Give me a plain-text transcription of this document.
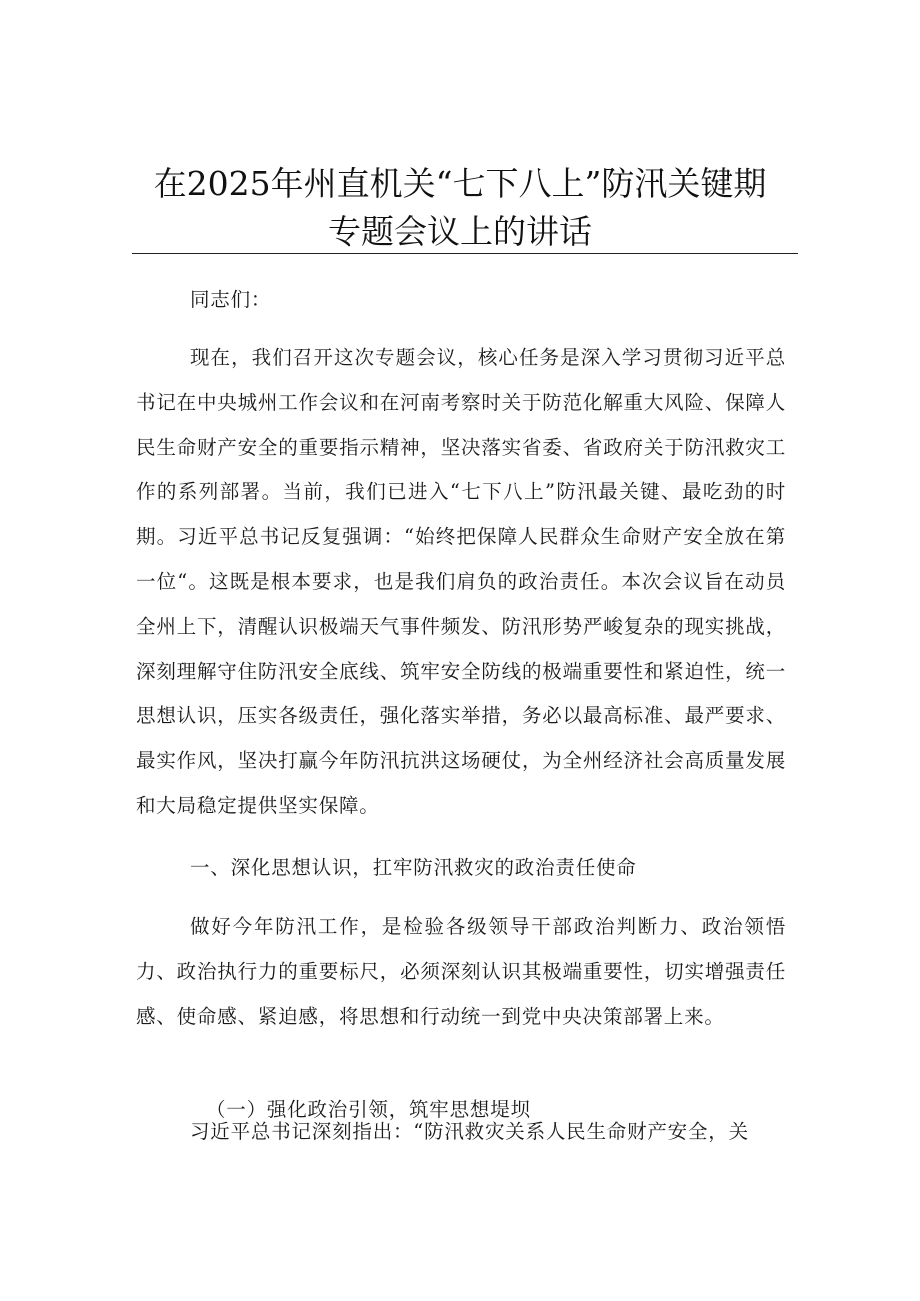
在2025年州直机关“七下八上”防汛关键期
专题会议上的讲话
同志们：
现在，我们召开这次专题会议，核心任务是深入学习贯彻习近平总书记在中央城州工作会议和在河南考察时关于防范化解重大风险、保障人民生命财产安全的重要指示精神，坚决落实省委、省政府关于防汛救灾工作的系列部署。当前，我们已进入“七下八上”防汛最关键、最吃劲的时期。习近平总书记反复强调：“始终把保障人民群众生命财产安全放在第一位“。这既是根本要求，也是我们肩负的政治责任。本次会议旨在动员全州上下，清醒认识极端天气事件频发、防汛形势严峻复杂的现实挑战，深刻理解守住防汛安全底线、筑牢安全防线的极端重要性和紧迫性，统一思想认识，压实各级责任，强化落实举措，务必以最高标准、最严要求、最实作风，坚决打赢今年防汛抗洪这场硬仗，为全州经济社会高质量发展和大局稳定提供坚实保障。
一、深化思想认识，扛牢防汛救灾的政治责任使命
做好今年防汛工作，是检验各级领导干部政治判断力、政治领悟力、政治执行力的重要标尺，必须深刻认识其极端重要性，切实增强责任感、使命感、紧迫感，将思想和行动统一到党中央决策部署上来。
（一）强化政治引领，筑牢思想堤坝
习近平总书记深刻指出：“防汛救灾关系人民生命财产安全，关
